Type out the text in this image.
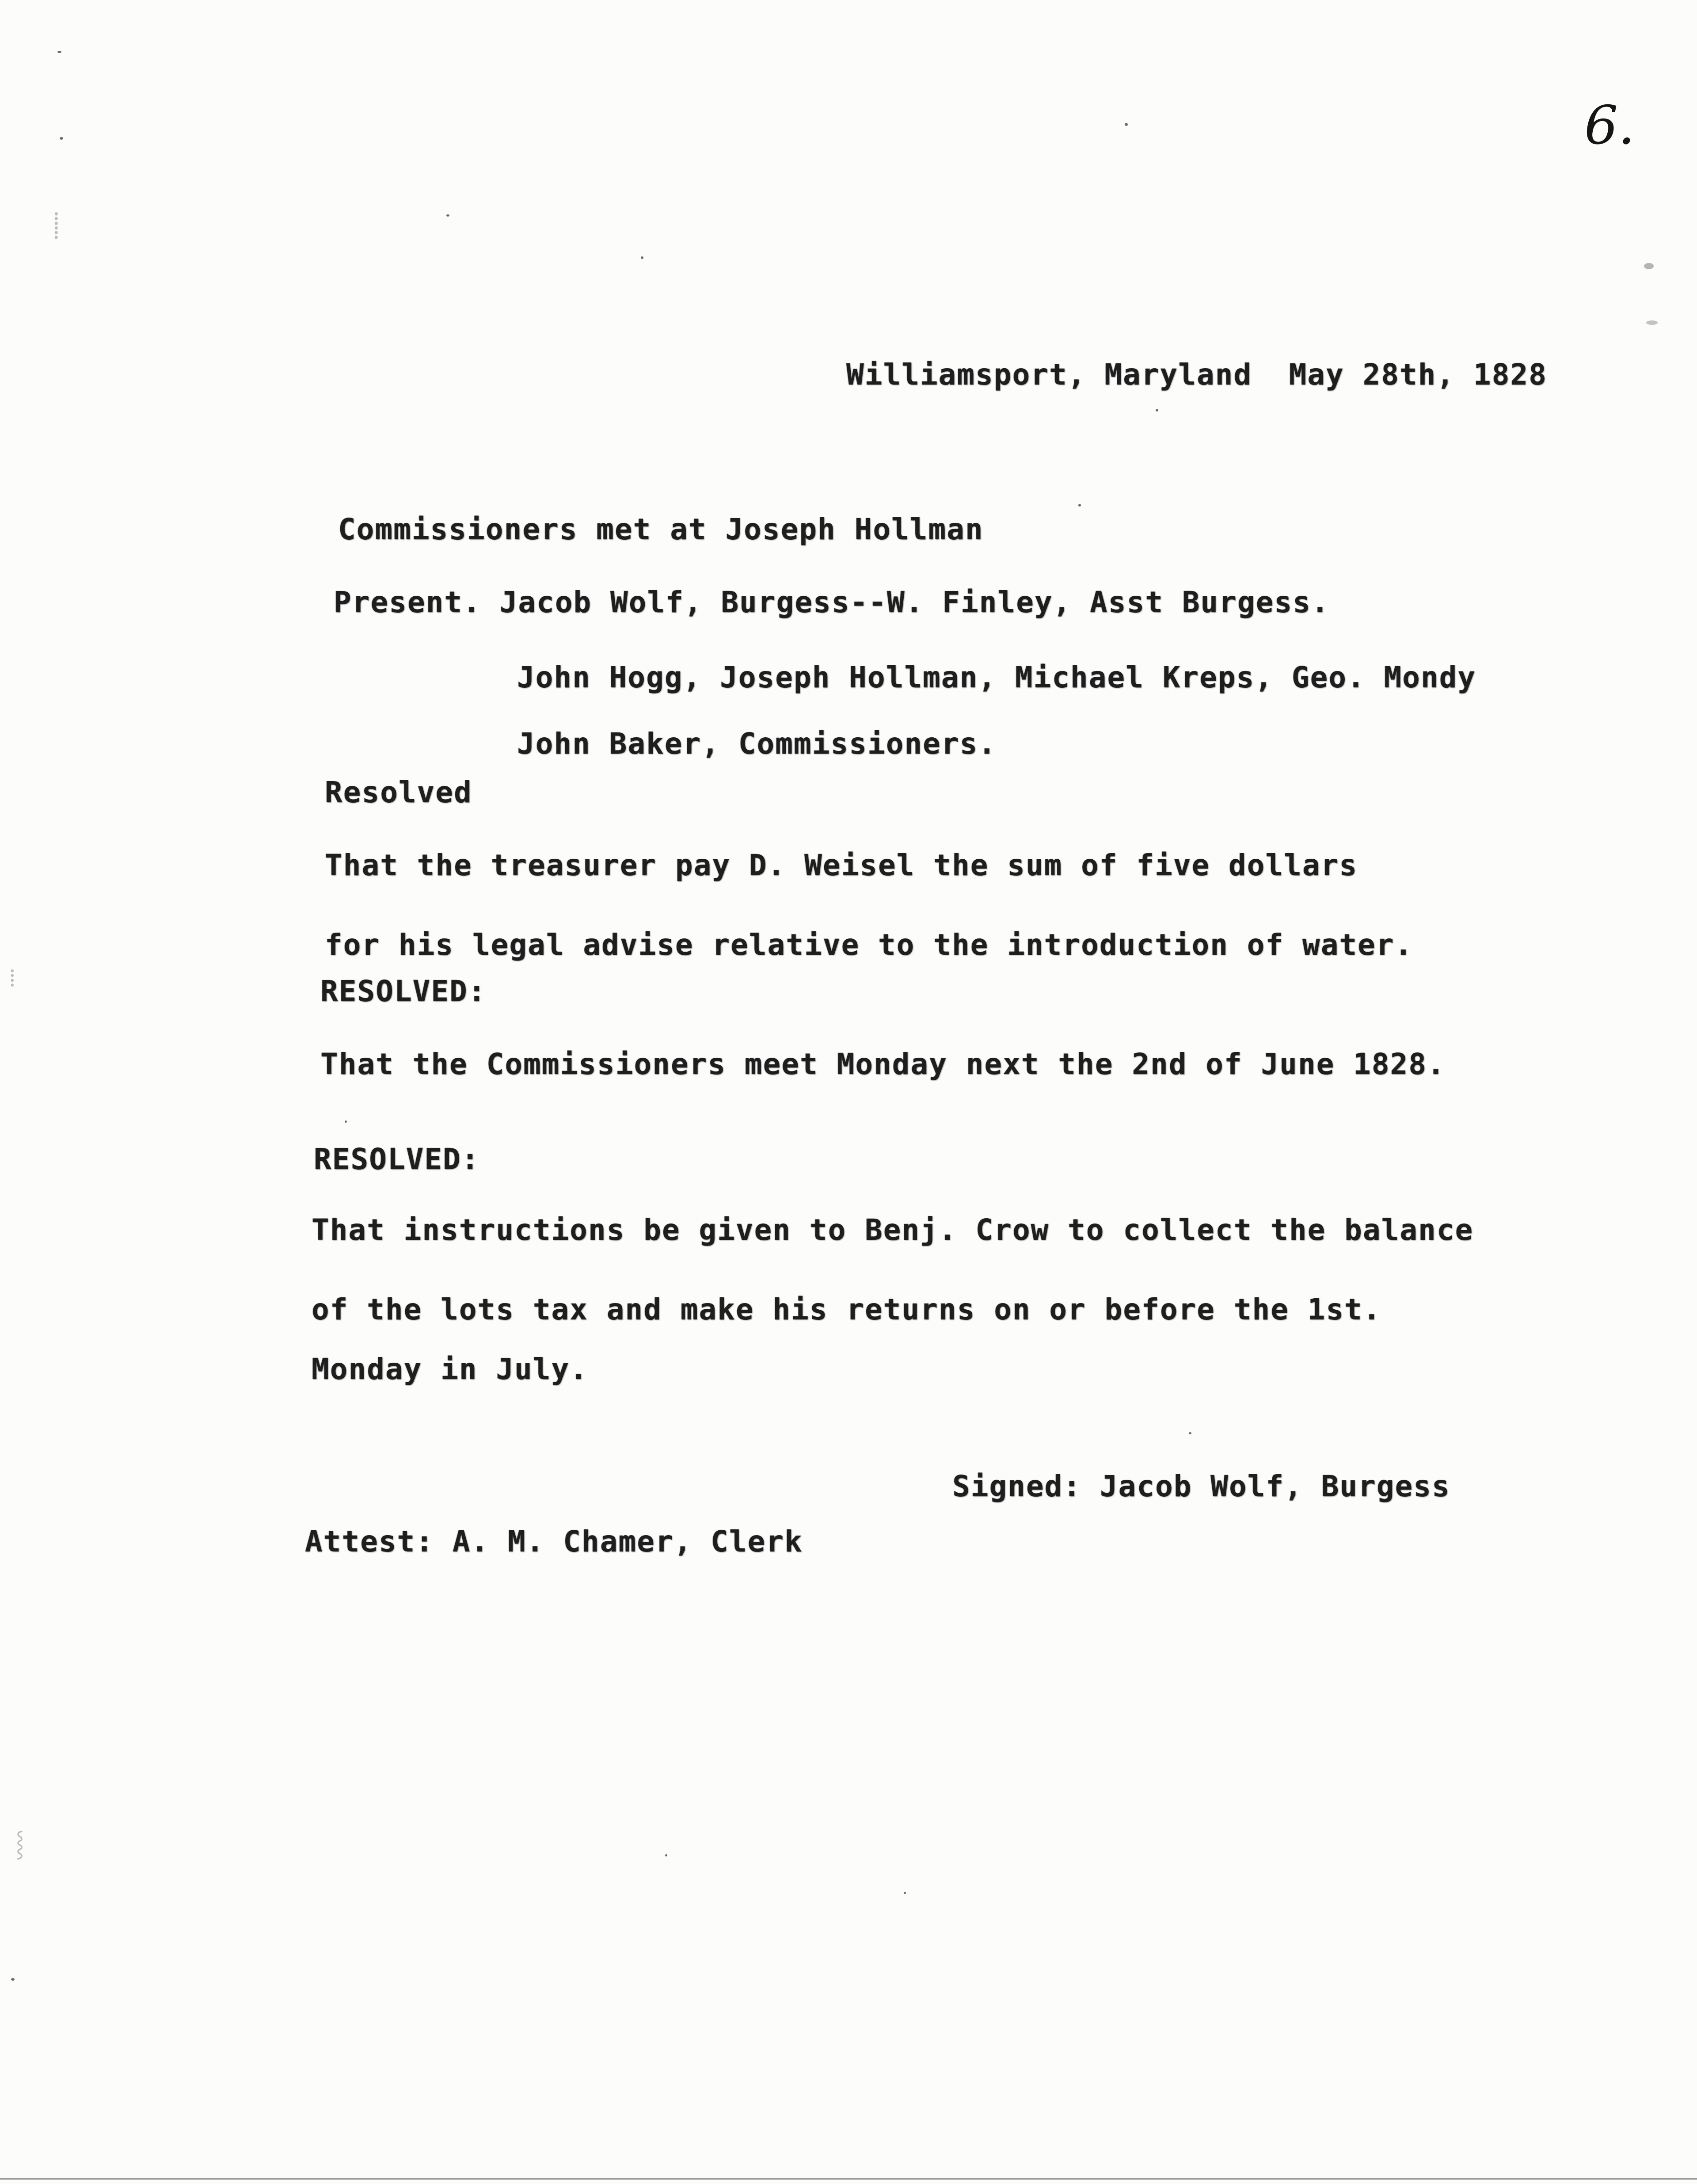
6.
Williamsport, Maryland  May 28th, 1828
Commissioners met at Joseph Hollman
Present. Jacob Wolf, Burgess--W. Finley, Asst Burgess.
John Hogg, Joseph Hollman, Michael Kreps, Geo. Mondy
John Baker, Commissioners.
Resolved
That the treasurer pay D. Weisel the sum of five dollars
for his legal advise relative to the introduction of water.
RESOLVED:
That the Commissioners meet Monday next the 2nd of June 1828.
RESOLVED:
That instructions be given to Benj. Crow to collect the balance
of the lots tax and make his returns on or before the 1st.
Monday in July.
Signed: Jacob Wolf, Burgess
Attest: A. M. Chamer, Clerk
⸽
⁞
⸾
